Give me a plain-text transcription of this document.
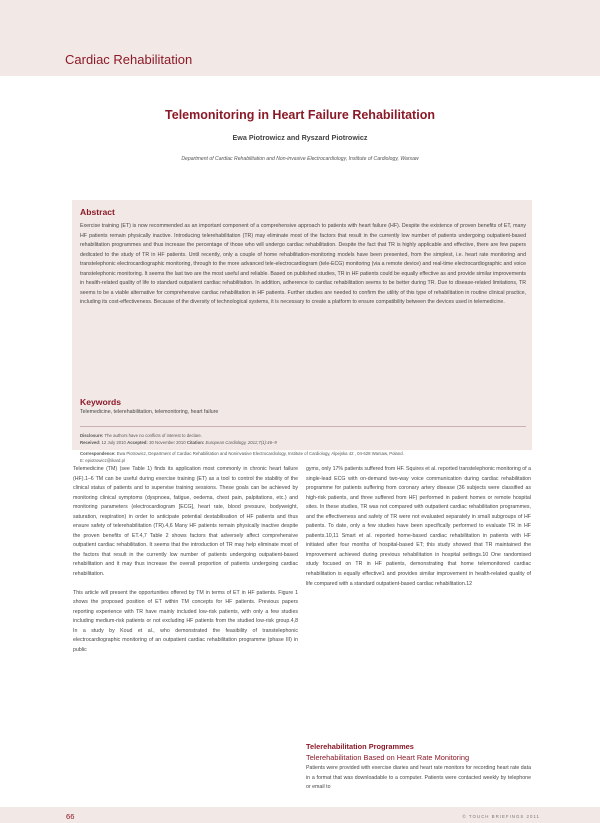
Cardiac Rehabilitation
Telemonitoring in Heart Failure Rehabilitation
Ewa Piotrowicz and Ryszard Piotrowicz
Department of Cardiac Rehabilitation and Non-invasive Electrocardiology, Institute of Cardiology, Warsaw
Abstract
Exercise training (ET) is now recommended as an important component of a comprehensive approach to patients with heart failure (HF). Despite the existence of proven benefits of ET, many HF patients remain physically inactive. Introducing telerehabilitation (TR) may eliminate most of the factors that result in the currently low number of patients undergoing outpatient-based rehabilitation programmes and thus increase the percentage of those who will undergo cardiac rehabilitation. Despite the fact that TR is highly applicable and effective, there are few papers dedicated to the study of TR in HF patients. Until recently, only a couple of home rehabilitation-monitoring models have been presented, from the simplest, i.e. heart rate monitoring and transtelephonic electrocardiographic monitoring, through to the more advanced tele-electrocardiogram (tele-ECG) monitoring (via a remote device) and real-time electrocardiographic and voice transtelephonic monitoring. It seems the last two are the most useful and reliable. Based on published studies, TR in HF patients could be equally effective as and provide similar improvements in health-related quality of life to standard outpatient cardiac rehabilitation. In addition, adherence to cardiac rehabilitation seems to be better during TR. Due to disease-related limitations, TR seems to be a viable alternative for comprehensive cardiac rehabilitation in HF patients. Further studies are needed to confirm the utility of this type of rehabilitation in routine clinical practice, including its cost-effectiveness. Because of the diversity of technological systems, it is necessary to create a platform to ensure compatibility between the devices used in telemedicine.
Keywords
Telemedicine, telerehabilitation, telemonitoring, heart failure
Disclosure: The authors have no conflicts of interest to declare.
Received: 12 July 2010 Accepted: 30 November 2010 Citation: European Cardiology, 2011;7(1):46–9
Correspondence: Ewa Piotrowicz, Department of Cardiac Rehabilitation and Noninvasive Electrocardiology, Institute of Cardiology, Alpejska 42 , 04-628 Warsaw, Poland.
E: epiotrowicz@ikard.pl

Telemedicine (TM) (see Table 1) finds its application most commonly in chronic heart failure (HF).1–6 TM can be useful during exercise training (ET) as a tool to control the stability of the clinical status of patients and to supervise training sessions. These goals can be achieved by monitoring clinical symptoms (dyspnoea, fatigue, oedema, chest pain, palpitations, etc.) and monitoring parameters (electrocardiogram [ECG], heart rate, blood pressure, bodyweight, saturation, respiration) in order to anticipate potential destabilisation of HF patients and thus ensure safety of telerehabilitation (TR).4,6 Many HF patients remain physically inactive despite the proven benefits of ET.4,7 Table 2 shows factors that adversely affect comprehensive outpatient cardiac rehabilitation. It seems that the introduction of TR may help eliminate most of the factors that result in the currently low number of patients undergoing outpatient-based rehabilitation and it may thus increase the overall proportion of patients undergoing cardiac rehabilitation.

This article will present the opportunities offered by TM in terms of ET in HF patients. Figure 1 shows the proposed position of ET within TM concepts for HF patients. Previous papers reporting experience with TR have mainly included low-risk patients, with only a few studies including medium-risk patients or not excluding HF patients from the studied low-risk group.4,8 In a study by Koud et al., who demonstrated the feasibility of transtelephonic electrocardiographic monitoring of an outpatient cardiac rehabilitation programme (phase III) in public

gyms, only 17% patients suffered from HF. Squires et al. reported transtelephonic monitoring of a single-lead ECG with on-demand two-way voice communication during cardiac rehabilitation programme for patients suffering from coronary artery disease (36 subjects were classified as high-risk patients, and three suffered from HF) performed in patient homes or remote hospital sites. In these studies, TR was not compared with outpatient cardiac rehabilitation programmes, and the effectiveness and safety of TR were not evaluated separately in small subgroups of HF patients. To date, only a few studies have been specifically performed to evaluate TR in HF patients.10,11 Smart et al. reported home-based cardiac rehabilitation in patients with HF initiated after four months of hospital-based ET; this study showed that TR maintained the improvement achieved during previous rehabilitation in hospital settings.10 One randomised study focused on TR in HF patients, demonstrating that home telemonitored cardiac rehabilitation is equally effective1 and provides similar improvement in health-related quality of life compared with a standard outpatient-based cardiac rehabilitation.12

Telerehabilitation Programmes
Telerehabilitation Based on Heart Rate Monitoring
Patients were provided with exercise diaries and heart rate monitors for recording heart rate data in a format that was downloadable to a computer. Patients were contacted weekly by telephone or email to
66	© TOUCH BRIEFINGS 2011
